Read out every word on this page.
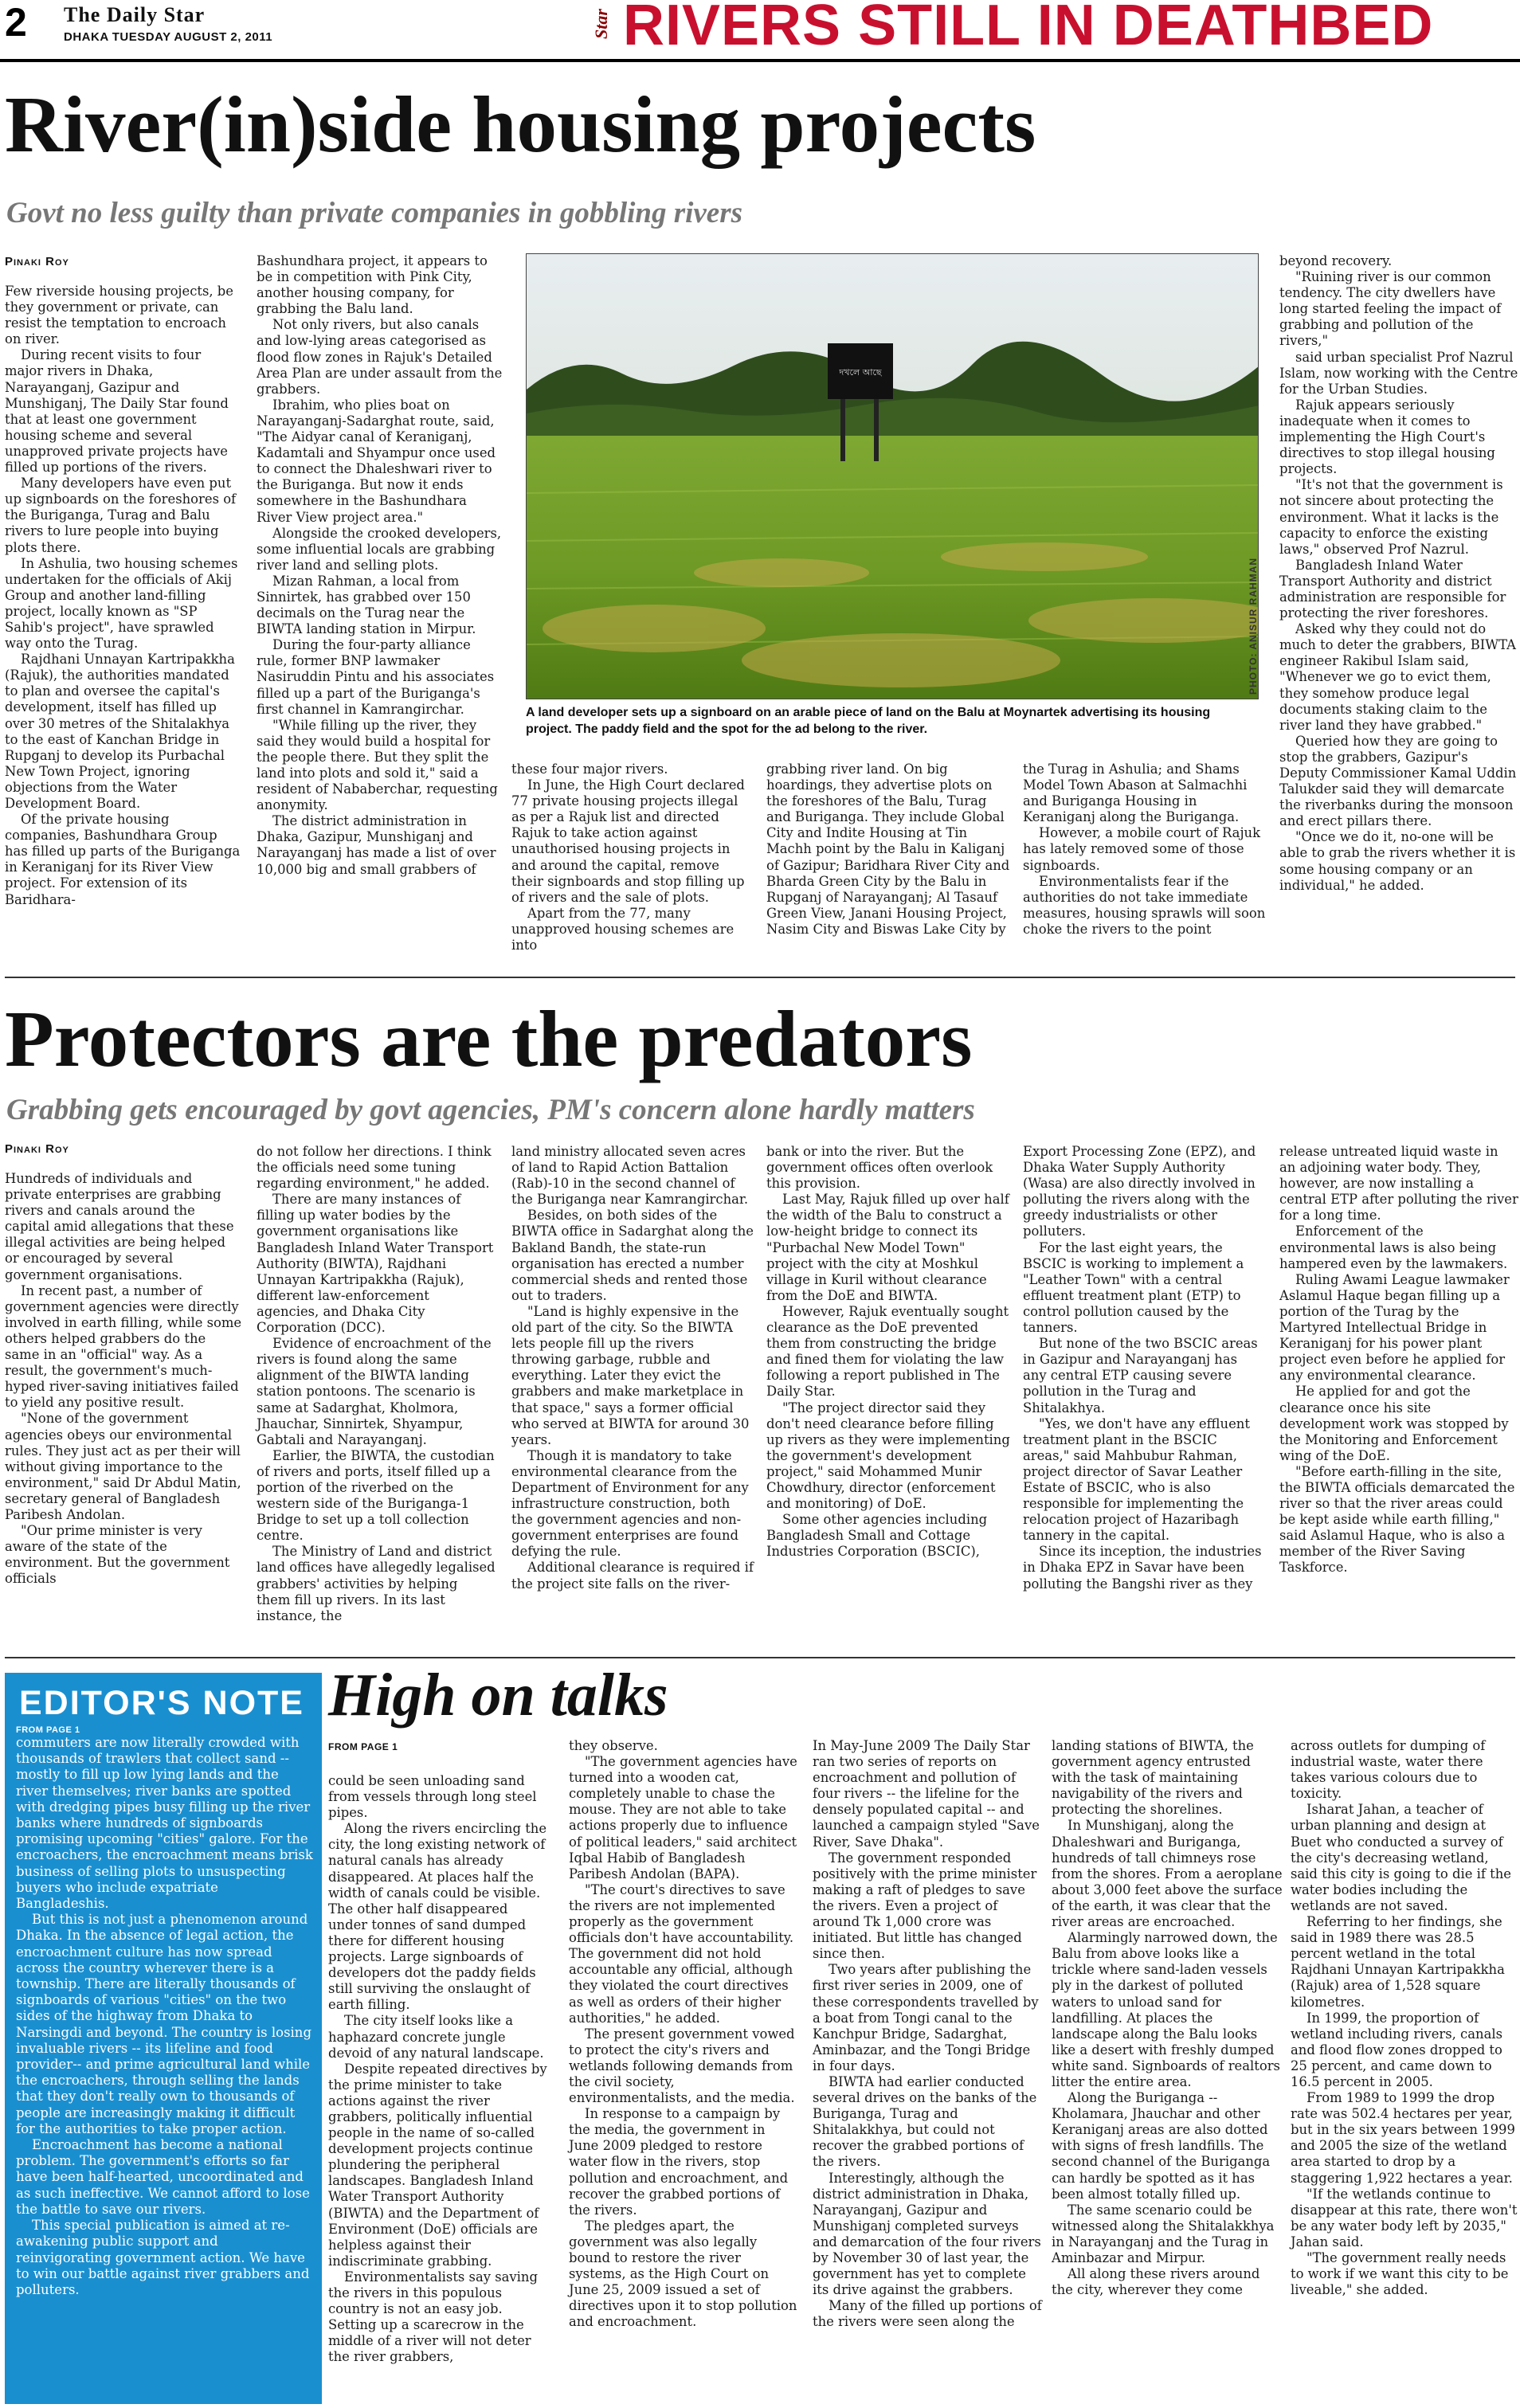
2 The Daily Star
DHAKA TUESDAY AUGUST 2, 2011	Star RIVERS STILL IN DEATHBED
River(in)side housing projects
Govt no less guilty than private companies in gobbling rivers
Pinaki Roy

Few riverside housing projects, be they government or private, can resist the temptation to encroach on river.

During recent visits to four major rivers in Dhaka, Narayanganj, Gazipur and Munshiganj, The Daily Star found that at least one government housing scheme and several unapproved private projects have filled up portions of the rivers.

Many developers have even put up signboards on the foreshores of the Buriganga, Turag and Balu rivers to lure people into buying plots there.

In Ashulia, two housing schemes undertaken for the officials of Akij Group and another land-filling project, locally known as "SP Sahib's project", have sprawled way onto the Turag.

Rajdhani Unnayan Kartripakkha (Rajuk), the authorities mandated to plan and oversee the capital's development, itself has filled up over 30 metres of the Shitalakhya to the east of Kanchan Bridge in Rupganj to develop its Purbachal New Town Project, ignoring objections from the Water Development Board.

Of the private housing companies, Bashundhara Group has filled up parts of the Buriganga in Keraniganj for its River View project. For extension of its Baridhara-

Bashundhara project, it appears to be in competition with Pink City, another housing company, for grabbing the Balu land.

Not only rivers, but also canals and low-lying areas categorised as flood flow zones in Rajuk's Detailed Area Plan are under assault from the grabbers.

Ibrahim, who plies boat on Narayanganj-Sadarghat route, said, "The Aidyar canal of Keraniganj, Kadamtali and Shyampur once used to connect the Dhaleshwari river to the Buriganga. But now it ends somewhere in the Bashundhara River View project area."

Alongside the crooked developers, some influential locals are grabbing river land and selling plots.

Mizan Rahman, a local from Sinnirtek, has grabbed over 150 decimals on the Turag near the BIWTA landing station in Mirpur.

During the four-party alliance rule, former BNP lawmaker Nasiruddin Pintu and his associates filled up a part of the Buriganga's first channel in Kamrangirchar.

"While filling up the river, they said they would build a hospital for the people there. But they split the land into plots and sold it," said a resident of Nababerchar, requesting anonymity.

The district administration in Dhaka, Gazipur, Munshiganj and Narayanganj has made a list of over 10,000 big and small grabbers of

these four major rivers.

In June, the High Court declared 77 private housing projects illegal as per a Rajuk list and directed Rajuk to take action against unauthorised housing projects in and around the capital, remove their signboards and stop filling up of rivers and the sale of plots.

Apart from the 77, many unapproved housing schemes are into

grabbing river land. On big hoardings, they advertise plots on the foreshores of the Balu, Turag and Buriganga. They include Global City and Indite Housing at Tin Machh point by the Balu in Kaliganj of Gazipur; Baridhara River City and Bharda Green City by the Balu in Rupganj of Narayanganj; Al Tasauf Green View, Janani Housing Project, Nasim City and Biswas Lake City by

the Turag in Ashulia; and Shams Model Town Abason at Salmachhi and Buriganga Housing in Keraniganj along the Buriganga.

However, a mobile court of Rajuk has lately removed some of those signboards.

Environmentalists fear if the authorities do not take immediate measures, housing sprawls will soon choke the rivers to the point

beyond recovery.

"Ruining river is our common tendency. The city dwellers have long started feeling the impact of grabbing and pollution of the rivers,"

said urban specialist Prof Nazrul Islam, now working with the Centre for the Urban Studies.

Rajuk appears seriously inadequate when it comes to implementing the High Court's directives to stop illegal housing projects.

"It's not that the government is not sincere about protecting the environment. What it lacks is the capacity to enforce the existing laws," observed Prof Nazrul.

Bangladesh Inland Water Transport Authority and district administration are responsible for protecting the river foreshores.

Asked why they could not do much to deter the grabbers, BIWTA engineer Rakibul Islam said, "Whenever we go to evict them, they somehow produce legal documents staking claim to the river land they have grabbed."

Queried how they are going to stop the grabbers, Gazipur's Deputy Commissioner Kamal Uddin Talukder said they will demarcate the riverbanks during the monsoon and erect pillars there.

"Once we do it, no-one will be able to grab the rivers whether it is some housing company or an individual," he added.

দখলে আছে
PHOTO: ANISUR RAHMAN
A land developer sets up a signboard on an arable piece of land on the Balu at Moynartek advertising its housing project. The paddy field and the spot for the ad belong to the river.
Protectors are the predators
Grabbing gets encouraged by govt agencies, PM's concern alone hardly matters
Pinaki Roy

Hundreds of individuals and private enterprises are grabbing rivers and canals around the capital amid allegations that these illegal activities are being helped or encouraged by several government organisations.

In recent past, a number of government agencies were directly involved in earth filling, while some others helped grabbers do the same in an "official" way. As a result, the government's much-hyped river-saving initiatives failed to yield any positive result.

"None of the government agencies obeys our environmental rules. They just act as per their will without giving importance to the environment," said Dr Abdul Matin, secretary general of Bangladesh Paribesh Andolan.

"Our prime minister is very aware of the state of the environment. But the government officials

do not follow her directions. I think the officials need some tuning regarding environment," he added.

There are many instances of filling up water bodies by the government organisations like Bangladesh Inland Water Transport Authority (BIWTA), Rajdhani Unnayan Kartripakkha (Rajuk), different law-enforcement agencies, and Dhaka City Corporation (DCC).

Evidence of encroachment of the rivers is found along the same alignment of the BIWTA landing station pontoons. The scenario is same at Sadarghat, Kholmora, Jhauchar, Sinnirtek, Shyampur, Gabtali and Narayanganj.

Earlier, the BIWTA, the custodian of rivers and ports, itself filled up a portion of the riverbed on the western side of the Buriganga-1 Bridge to set up a toll collection centre.

The Ministry of Land and district land offices have allegedly legalised grabbers' activities by helping them fill up rivers. In its last instance, the

land ministry allocated seven acres of land to Rapid Action Battalion (Rab)-10 in the second channel of the Buriganga near Kamrangirchar.

Besides, on both sides of the BIWTA office in Sadarghat along the Bakland Bandh, the state-run organisation has erected a number commercial sheds and rented those out to traders.

"Land is highly expensive in the old part of the city. So the BIWTA lets people fill up the rivers throwing garbage, rubble and everything. Later they evict the grabbers and make marketplace in that space," says a former official who served at BIWTA for around 30 years.

Though it is mandatory to take environmental clearance from the Department of Environment for any infrastructure construction, both the government agencies and non-government enterprises are found defying the rule.

Additional clearance is required if the project site falls on the river-

bank or into the river. But the government offices often overlook this provision.

Last May, Rajuk filled up over half the width of the Balu to construct a low-height bridge to connect its "Purbachal New Model Town" project with the city at Moshkul village in Kuril without clearance from the DoE and BIWTA.

However, Rajuk eventually sought clearance as the DoE prevented them from constructing the bridge and fined them for violating the law following a report published in The Daily Star.

"The project director said they don't need clearance before filling up rivers as they were implementing the government's development project," said Mohammed Munir Chowdhury, director (enforcement and monitoring) of DoE.

Some other agencies including Bangladesh Small and Cottage Industries Corporation (BSCIC),

Export Processing Zone (EPZ), and Dhaka Water Supply Authority (Wasa) are also directly involved in polluting the rivers along with the greedy industrialists or other polluters.

For the last eight years, the BSCIC is working to implement a "Leather Town" with a central effluent treatment plant (ETP) to control pollution caused by the tanners.

But none of the two BSCIC areas in Gazipur and Narayanganj has any central ETP causing severe pollution in the Turag and Shitalakhya.

"Yes, we don't have any effluent treatment plant in the BSCIC areas," said Mahbubur Rahman, project director of Savar Leather Estate of BSCIC, who is also responsible for implementing the relocation project of Hazaribagh tannery in the capital.

Since its inception, the industries in Dhaka EPZ in Savar have been polluting the Bangshi river as they

release untreated liquid waste in an adjoining water body. They, however, are now installing a central ETP after polluting the river for a long time.

Enforcement of the environmental laws is also being hampered even by the lawmakers.

Ruling Awami League lawmaker Aslamul Haque began filling up a portion of the Turag by the Martyred Intellectual Bridge in Keraniganj for his power plant project even before he applied for any environmental clearance.

He applied for and got the clearance once his site development work was stopped by the Monitoring and Enforcement wing of the DoE.

"Before earth-filling in the site, the BIWTA officials demarcated the river so that the river areas could be kept aside while earth filling," said Aslamul Haque, who is also a member of the River Saving Taskforce.

EDITOR'S NOTE
FROM PAGE 1

commuters are now literally crowded with thousands of trawlers that collect sand --mostly to fill up low lying lands and the river themselves; river banks are spotted with dredging pipes busy filling up the river banks where hundreds of signboards promising upcoming "cities" galore. For the encroachers, the encroachment means brisk business of selling plots to unsuspecting buyers who include expatriate Bangladeshis.

But this is not just a phenomenon around Dhaka. In the absence of legal action, the encroachment culture has now spread across the country wherever there is a township. There are literally thousands of signboards of various "cities" on the two sides of the highway from Dhaka to Narsingdi and beyond. The country is losing invaluable rivers -- its lifeline and food provider-- and prime agricultural land while the encroachers, through selling the lands that they don't really own to thousands of people are increasingly making it difficult for the authorities to take proper action.

Encroachment has become a national problem. The government's efforts so far have been half-hearted, uncoordinated and as such ineffective. We cannot afford to lose the battle to save our rivers.

This special publication is aimed at re-awakening public support and reinvigorating government action. We have to win our battle against river grabbers and polluters.

High on talks
FROM PAGE 1

could be seen unloading sand from vessels through long steel pipes.

Along the rivers encircling the city, the long existing network of natural canals has already disappeared. At places half the width of canals could be visible. The other half disappeared under tonnes of sand dumped there for different housing projects. Large signboards of developers dot the paddy fields still surviving the onslaught of earth filling.

The city itself looks like a haphazard concrete jungle devoid of any natural landscape.

Despite repeated directives by the prime minister to take actions against the river grabbers, politically influential people in the name of so-called development projects continue plundering the peripheral landscapes. Bangladesh Inland Water Transport Authority (BIWTA) and the Department of Environment (DoE) officials are helpless against their indiscriminate grabbing.

Environmentalists say saving the rivers in this populous country is not an easy job. Setting up a scarecrow in the middle of a river will not deter the river grabbers,

they observe.

"The government agencies have turned into a wooden cat, completely unable to chase the mouse. They are not able to take actions properly due to influence of political leaders," said architect Iqbal Habib of Bangladesh Paribesh Andolan (BAPA).

"The court's directives to save the rivers are not implemented properly as the government officials don't have accountability. The government did not hold accountable any official, although they violated the court directives as well as orders of their higher authorities," he added.

The present government vowed to protect the city's rivers and wetlands following demands from the civil society, environmentalists, and the media.

In response to a campaign by the media, the government in June 2009 pledged to restore water flow in the rivers, stop pollution and encroachment, and recover the grabbed portions of the rivers.

The pledges apart, the government was also legally bound to restore the river systems, as the High Court on June 25, 2009 issued a set of directives upon it to stop pollution and encroachment.

In May-June 2009 The Daily Star ran two series of reports on encroachment and pollution of four rivers -- the lifeline for the densely populated capital -- and launched a campaign styled "Save River, Save Dhaka".

The government responded positively with the prime minister making a raft of pledges to save the rivers. Even a project of around Tk 1,000 crore was initiated. But little has changed since then.

Two years after publishing the first river series in 2009, one of these correspondents travelled by a boat from Tongi canal to the Kanchpur Bridge, Sadarghat, Aminbazar, and the Tongi Bridge in four days.

BIWTA had earlier conducted several drives on the banks of the Buriganga, Turag and Shitalakkhya, but could not recover the grabbed portions of the rivers.

Interestingly, although the district administration in Dhaka, Narayanganj, Gazipur and Munshiganj completed surveys and demarcation of the four rivers by November 30 of last year, the government has yet to complete its drive against the grabbers.

Many of the filled up portions of the rivers were seen along the

landing stations of BIWTA, the government agency entrusted with the task of maintaining navigability of the rivers and protecting the shorelines.

In Munshiganj, along the Dhaleshwari and Buriganga, hundreds of tall chimneys rose from the shores. From a aeroplane about 3,000 feet above the surface of the earth, it was clear that the river areas are encroached.

Alarmingly narrowed down, the Balu from above looks like a trickle where sand-laden vessels ply in the darkest of polluted waters to unload sand for landfilling. At places the landscape along the Balu looks like a desert with freshly dumped white sand. Signboards of realtors litter the entire area.

Along the Buriganga -- Kholamara, Jhauchar and other Keraniganj areas are also dotted with signs of fresh landfills. The second channel of the Buriganga can hardly be spotted as it has been almost totally filled up.

The same scenario could be witnessed along the Shitalakkhya in Narayanganj and the Turag in Aminbazar and Mirpur.

All along these rivers around the city, wherever they come

across outlets for dumping of industrial waste, water there takes various colours due to toxicity.

Isharat Jahan, a teacher of urban planning and design at Buet who conducted a survey of the city's decreasing wetland, said this city is going to die if the water bodies including the wetlands are not saved.

Referring to her findings, she said in 1989 there was 28.5 percent wetland in the total Rajdhani Unnayan Kartripakkha (Rajuk) area of 1,528 square kilometres.

In 1999, the proportion of wetland including rivers, canals and flood flow zones dropped to 25 percent, and came down to 16.5 percent in 2005.

From 1989 to 1999 the drop rate was 502.4 hectares per year, but in the six years between 1999 and 2005 the size of the wetland area started to drop by a staggering 1,922 hectares a year.

"If the wetlands continue to disappear at this rate, there won't be any water body left by 2035," Jahan said.

"The government really needs to work if we want this city to be liveable," she added.
